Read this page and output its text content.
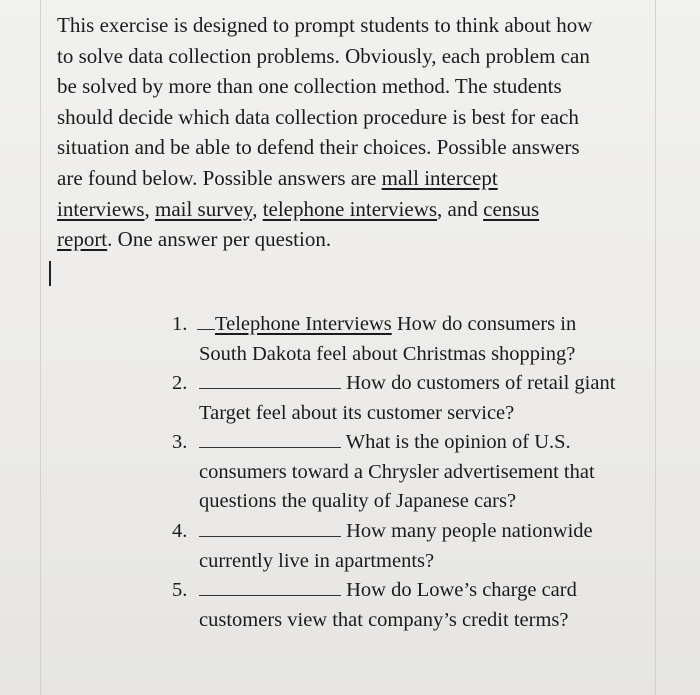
This exercise is designed to prompt students to think about how
to solve data collection problems. Obviously, each problem can
be solved by more than one collection method. The students
should decide which data collection procedure is best for each
situation and be able to defend their choices. Possible answers
are found below. Possible answers are mall intercept
interviews, mail survey, telephone interviews, and census
report. One answer per question.
1. Telephone Interviews How do consumers in
South Dakota feel about Christmas shopping?
2.	How do customers of retail giant
Target feel about its customer service?
3.	What is the opinion of U.S.
consumers toward a Chrysler advertisement that
questions the quality of Japanese cars?
4.	How many people nationwide
currently live in apartments?
5.	How do Lowe’s charge card
customers view that company’s credit terms?
